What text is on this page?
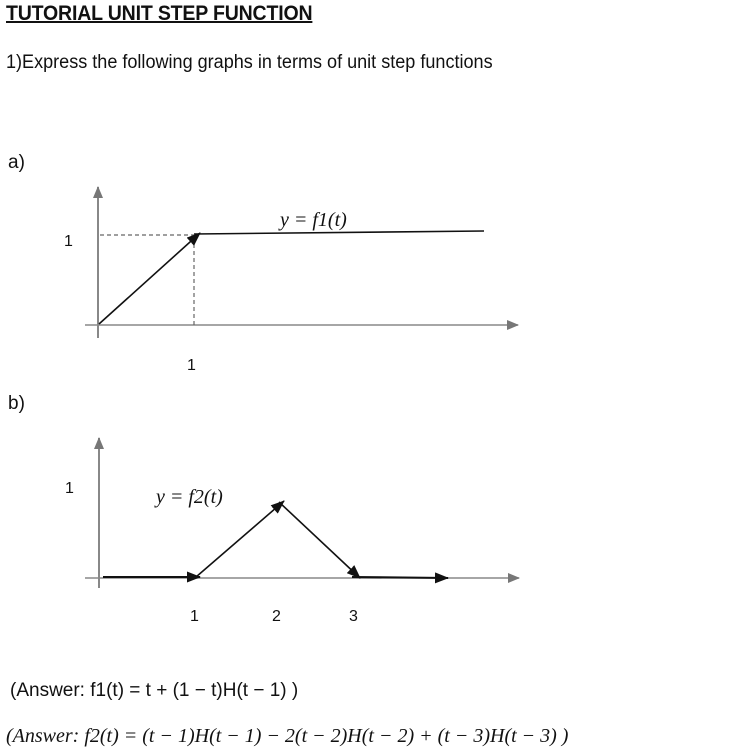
TUTORIAL UNIT STEP FUNCTION
1)Express the following graphs in terms of unit step functions
a)
b)
y = f1(t)
1
1
y = f2(t)
1
1	2	3
(Answer: f1(t) = t + (1 − t)H(t − 1) )
(Answer: f2(t) = (t − 1)H(t − 1) − 2(t − 2)H(t − 2) + (t − 3)H(t − 3) )
